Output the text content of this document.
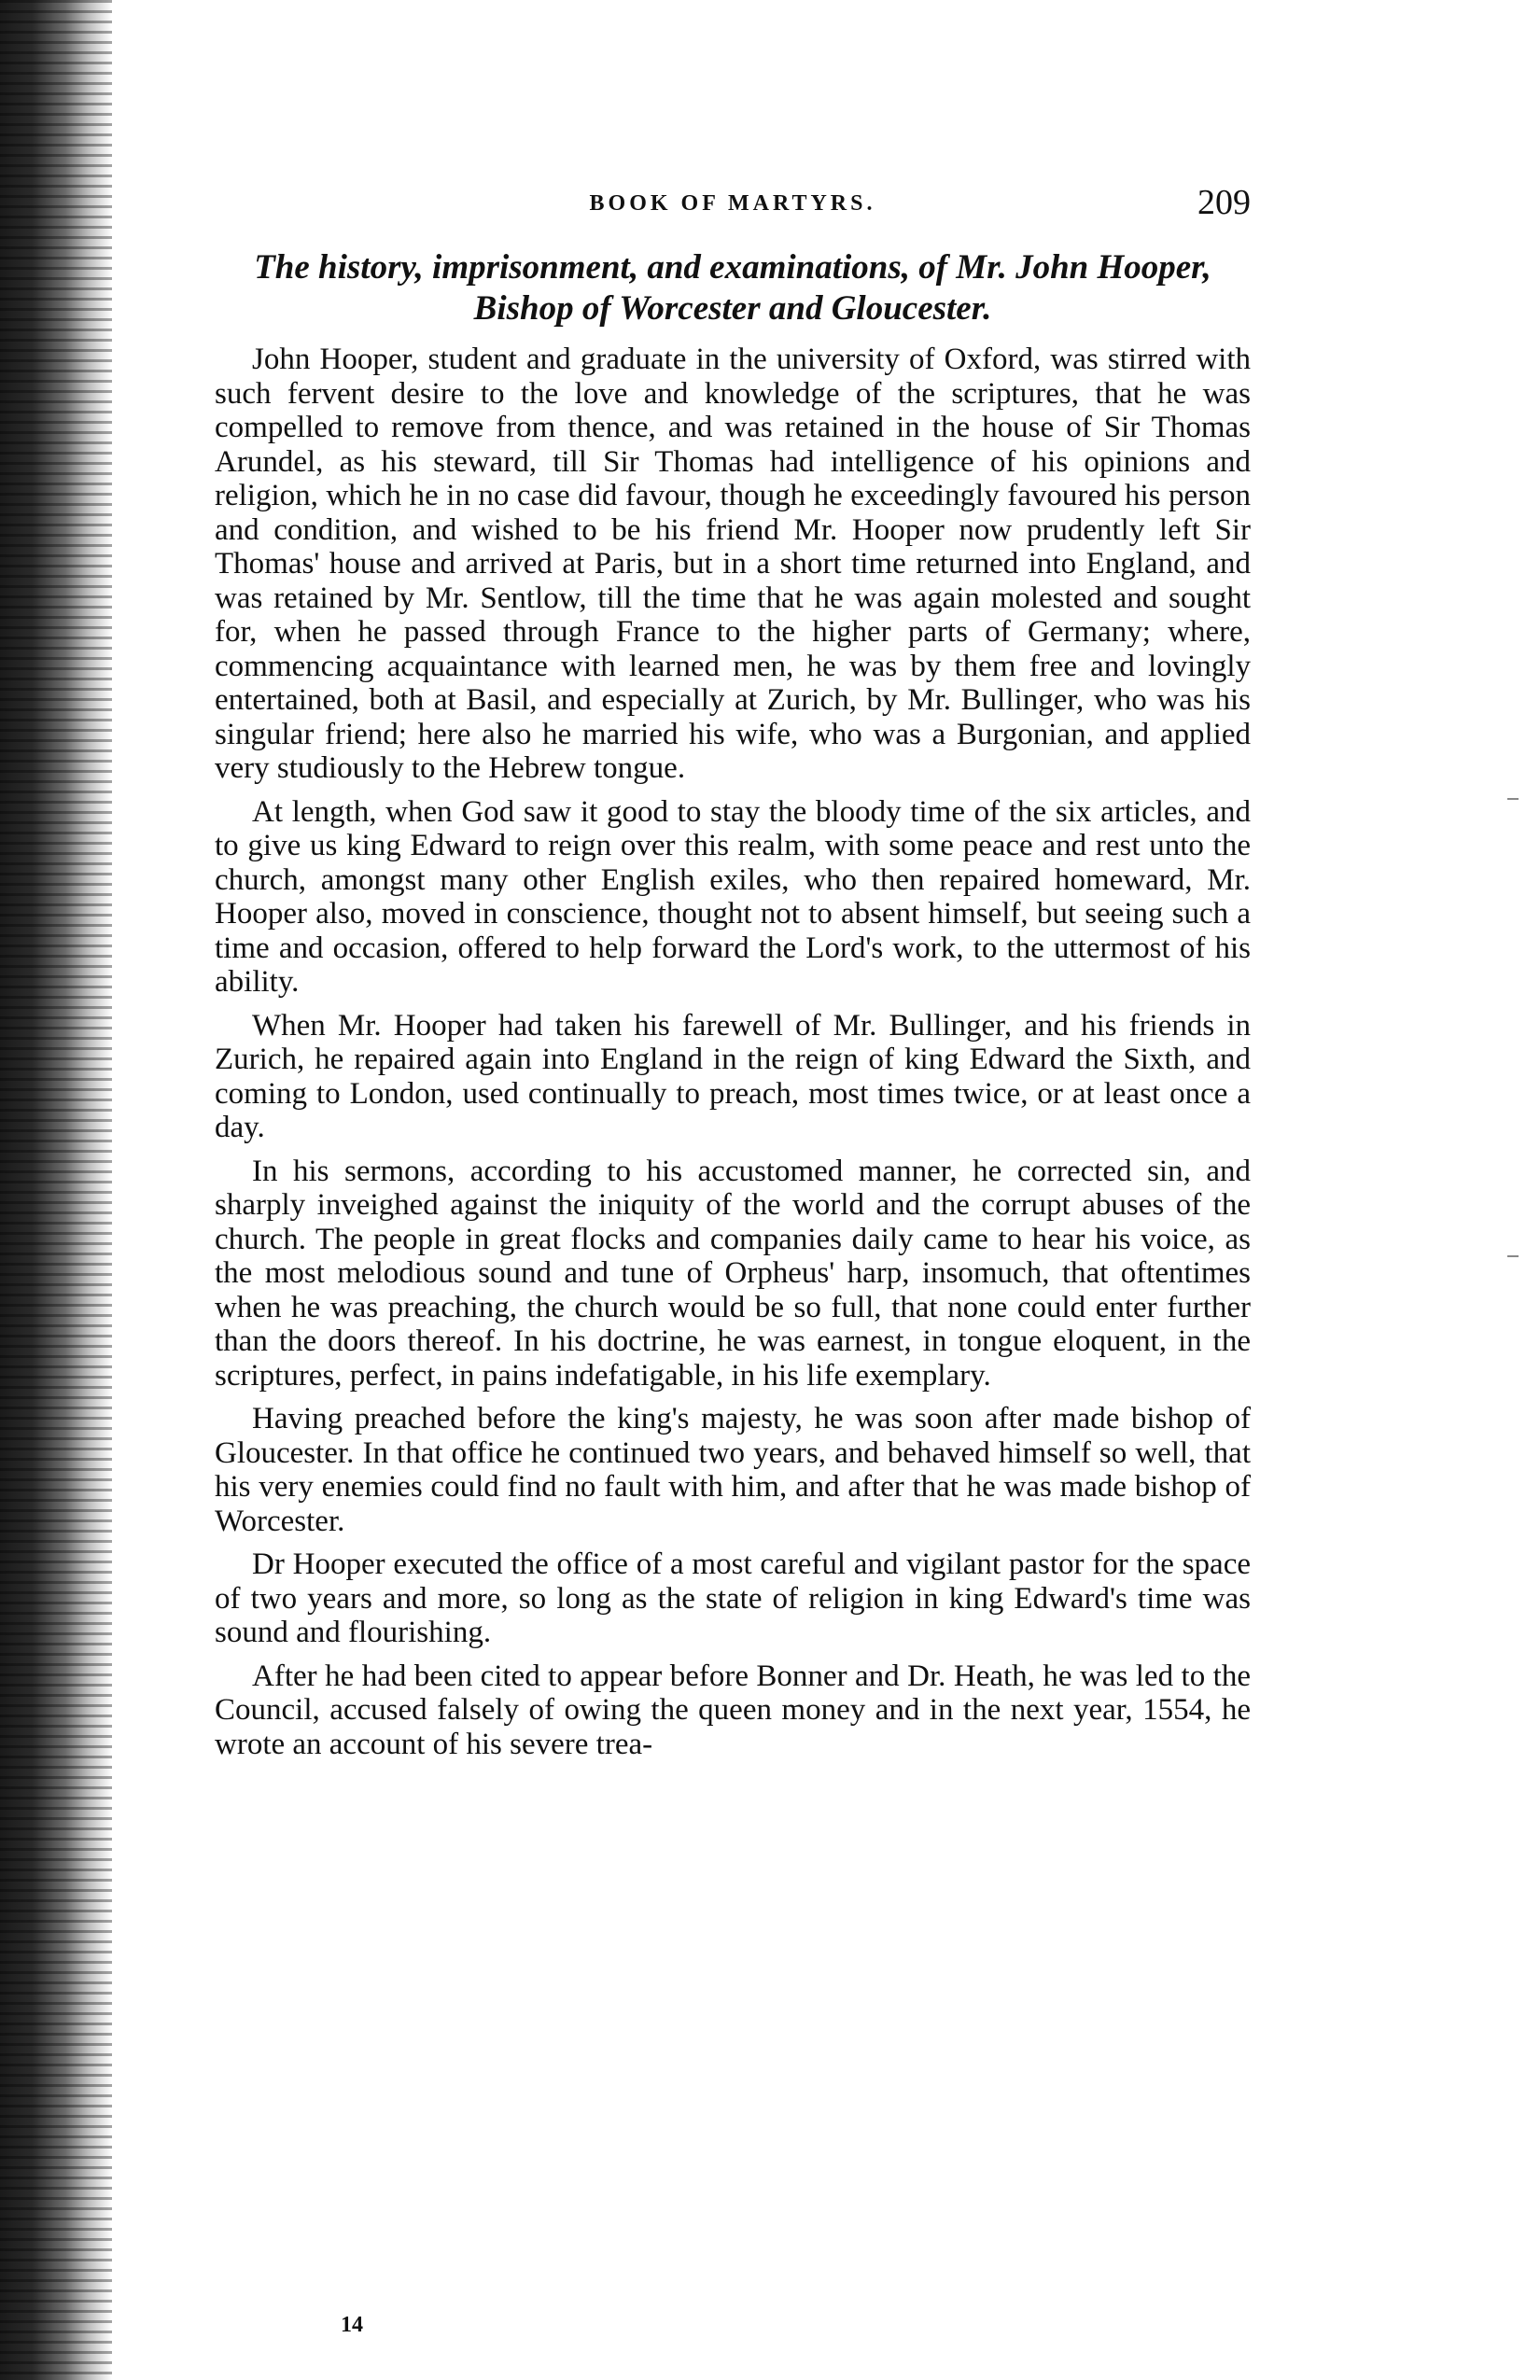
BOOK OF MARTYRS.	209
The history, imprisonment, and examinations, of Mr. John Hooper,
Bishop of Worcester and Gloucester.

John Hooper, student and graduate in the university of Oxford, was stirred with such fervent desire to the love and knowledge of the scriptures, that he was compelled to remove from thence, and was retained in the house of Sir Thomas Arundel, as his steward, till Sir Thomas had intelligence of his opinions and religion, which he in no case did favour, though he exceedingly favoured his person and condition, and wished to be his friend Mr. Hooper now prudently left Sir Thomas' house and arrived at Paris, but in a short time returned into England, and was retained by Mr. Sentlow, till the time that he was again molested and sought for, when he passed through France to the higher parts of Germany; where, commencing acquaintance with learned men, he was by them free and lovingly entertained, both at Basil, and especially at Zurich, by Mr. Bullinger, who was his singular friend; here also he married his wife, who was a Burgonian, and applied very studiously to the Hebrew tongue.

At length, when God saw it good to stay the bloody time of the six articles, and to give us king Edward to reign over this realm, with some peace and rest unto the church, amongst many other English exiles, who then repaired homeward, Mr. Hooper also, moved in conscience, thought not to absent himself, but seeing such a time and occasion, offered to help forward the Lord's work, to the uttermost of his ability.

When Mr. Hooper had taken his farewell of Mr. Bullinger, and his friends in Zurich, he repaired again into England in the reign of king Edward the Sixth, and coming to London, used continually to preach, most times twice, or at least once a day.

In his sermons, according to his accustomed manner, he corrected sin, and sharply inveighed against the iniquity of the world and the corrupt abuses of the church. The people in great flocks and companies daily came to hear his voice, as the most melodious sound and tune of Orpheus' harp, insomuch, that oftentimes when he was preaching, the church would be so full, that none could enter further than the doors thereof. In his doctrine, he was earnest, in tongue eloquent, in the scriptures, perfect, in pains indefatigable, in his life exemplary.

Having preached before the king's majesty, he was soon after made bishop of Gloucester. In that office he continued two years, and behaved himself so well, that his very enemies could find no fault with him, and after that he was made bishop of Worcester.

Dr Hooper executed the office of a most careful and vigilant pastor for the space of two years and more, so long as the state of religion in king Edward's time was sound and flourishing.

After he had been cited to appear before Bonner and Dr. Heath, he was led to the Council, accused falsely of owing the queen money and in the next year, 1554, he wrote an account of his severe trea-

14
